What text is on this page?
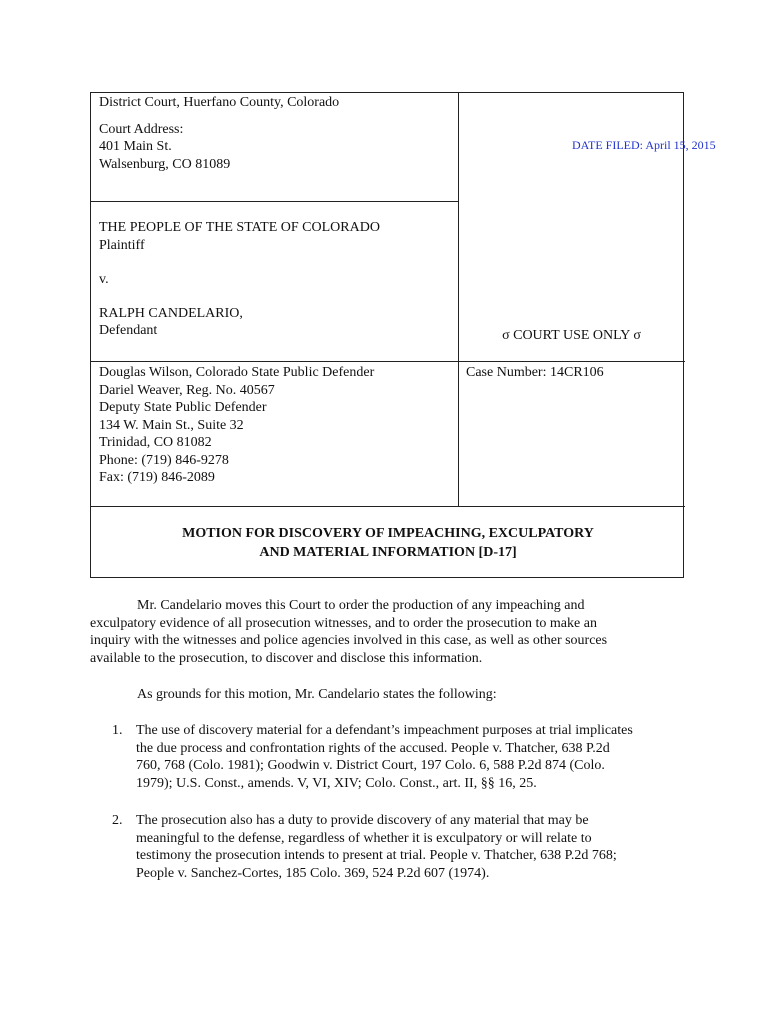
District Court, Huerfano County, Colorado

Court Address:

401 Main St.

Walsenburg, CO 81089

DATE FILED: April 15, 2015

THE PEOPLE OF THE STATE OF COLORADO

Plaintiff

v.

RALPH CANDELARIO,

Defendant	σ COURT USE ONLY σ

Douglas Wilson, Colorado State Public Defender

Dariel Weaver, Reg. No. 40567

Deputy State Public Defender

134 W. Main St., Suite 32

Trinidad, CO 81082

Phone: (719) 846-9278

Fax: (719) 846-2089

Case Number: 14CR106
MOTION FOR DISCOVERY OF IMPEACHING, EXCULPATORY
AND MATERIAL INFORMATION [D-17]
Mr. Candelario moves this Court to order the production of any impeaching and
exculpatory evidence of all prosecution witnesses, and to order the prosecution to make an
inquiry with the witnesses and police agencies involved in this case, as well as other sources
available to the prosecution, to discover and disclose this information.
As grounds for this motion, Mr. Candelario states the following:
1. The use of discovery material for a defendant’s impeachment purposes at trial implicates
the due process and confrontation rights of the accused. People v. Thatcher, 638 P.2d
760, 768 (Colo. 1981); Goodwin v. District Court, 197 Colo. 6, 588 P.2d 874 (Colo.
1979); U.S. Const., amends. V, VI, XIV; Colo. Const., art. II, §§ 16, 25.
2. The prosecution also has a duty to provide discovery of any material that may be
meaningful to the defense, regardless of whether it is exculpatory or will relate to
testimony the prosecution intends to present at trial. People v. Thatcher, 638 P.2d 768;
People v. Sanchez-Cortes, 185 Colo. 369, 524 P.2d 607 (1974).
